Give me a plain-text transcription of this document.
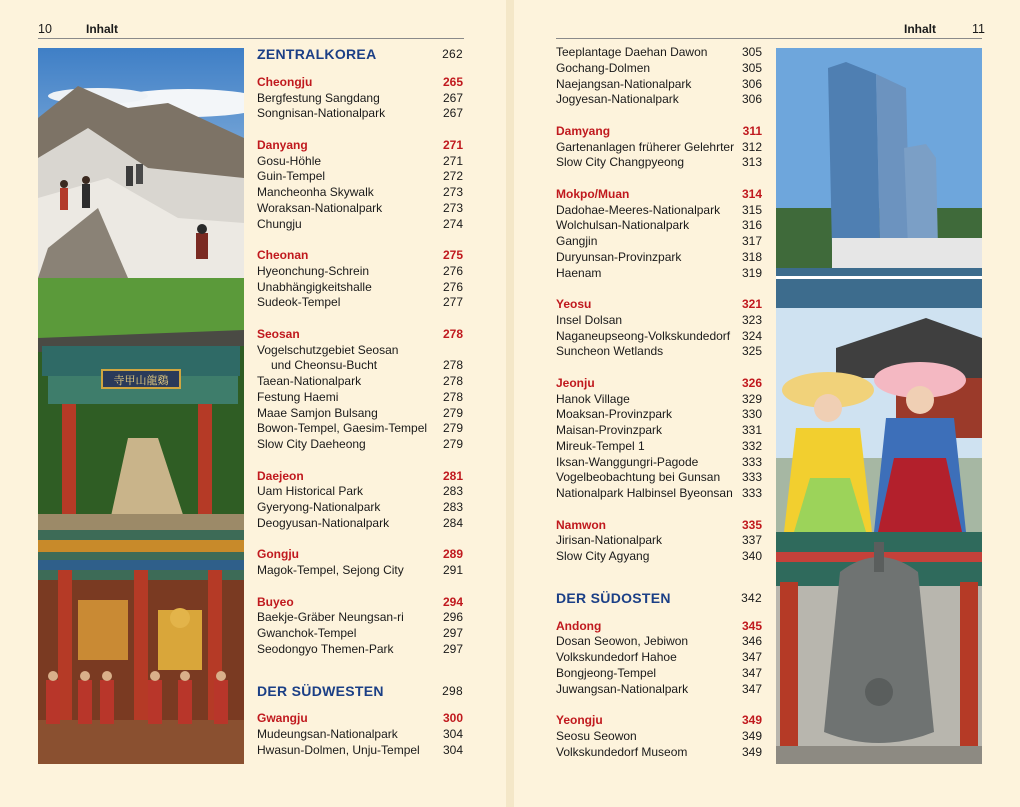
10	Inhalt	Inhalt	11
寺甲山龍鷄
ZENTRALKOREA	262
Cheongju	265
Bergfestung Sangdang	267
Songnisan-Nationalpark	267
Danyang	271
Gosu-Höhle	271
Guin-Tempel	272
Mancheonha Skywalk	273
Woraksan-Nationalpark	273
Chungju	274
Cheonan	275
Hyeonchung-Schrein	276
Unabhängigkeitshalle	276
Sudeok-Tempel	277
Seosan	278
Vogelschutzgebiet Seosan
und Cheonsu-Bucht	278
Taean-Nationalpark	278
Festung Haemi	278
Maae Samjon Bulsang	279
Bowon-Tempel, Gaesim-Tempel	279
Slow City Daeheong	279
Daejeon	281
Uam Historical Park	283
Gyeryong-Nationalpark	283
Deogyusan-Nationalpark	284
Gongju	289
Magok-Tempel, Sejong City	291
Buyeo	294
Baekje-Gräber Neungsan-ri	296
Gwanchok-Tempel	297
Seodongyo Themen-Park	297
DER SÜDWESTEN	298
Gwangju	300
Mudeungsan-Nationalpark	304
Hwasun-Dolmen, Unju-Tempel	304
Teeplantage Daehan Dawon	305
Gochang-Dolmen	305
Naejangsan-Nationalpark	306
Jogyesan-Nationalpark	306
Damyang	311
Gartenanlagen früherer Gelehrter 312
Slow City Changpyeong	313
Mokpo/Muan	314
Dadohae-Meeres-Nationalpark	315
Wolchulsan-Nationalpark	316
Gangjin	317
Duryunsan-Provinzpark	318
Haenam	319
Yeosu	321
Insel Dolsan	323
Naganeupseong-Volkskundedorf 324
Suncheon Wetlands	325
Jeonju	326
Hanok Village	329
Moaksan-Provinzpark	330
Maisan-Provinzpark	331
Mireuk-Tempel 1	332
Iksan-Wanggungri-Pagode	333
Vogelbeobachtung bei Gunsan	333
Nationalpark Halbinsel Byeonsan 333
Namwon	335
Jirisan-Nationalpark	337
Slow City Agyang	340
DER SÜDOSTEN	342
Andong	345
Dosan Seowon, Jebiwon	346
Volkskundedorf Hahoe	347
Bongjeong-Tempel	347
Juwangsan-Nationalpark	347
Yeongju	349
Seosu Seowon	349
Volkskundedorf Museom	349
